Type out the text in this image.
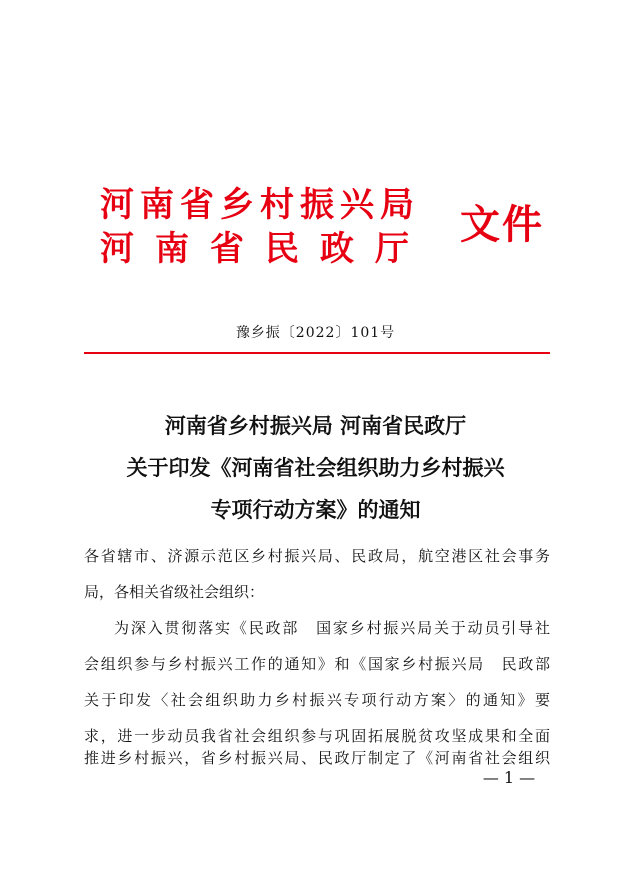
河南省乡村振兴局
河南省民政厅
文件
豫乡振〔2022〕101号
河南省乡村振兴局 河南省民政厅
关于印发《河南省社会组织助力乡村振兴
专项行动方案》的通知
各省辖市、济源示范区乡村振兴局、民政局，航空港区社会事务
局，各相关省级社会组织：
为深入贯彻落实《民政部　国家乡村振兴局关于动员引导社
会组织参与乡村振兴工作的通知》和《国家乡村振兴局　民政部
关于印发〈社会组织助力乡村振兴专项行动方案〉的通知》要
求，进一步动员我省社会组织参与巩固拓展脱贫攻坚成果和全面
推进乡村振兴，省乡村振兴局、民政厅制定了《河南省社会组织
— 1 —
